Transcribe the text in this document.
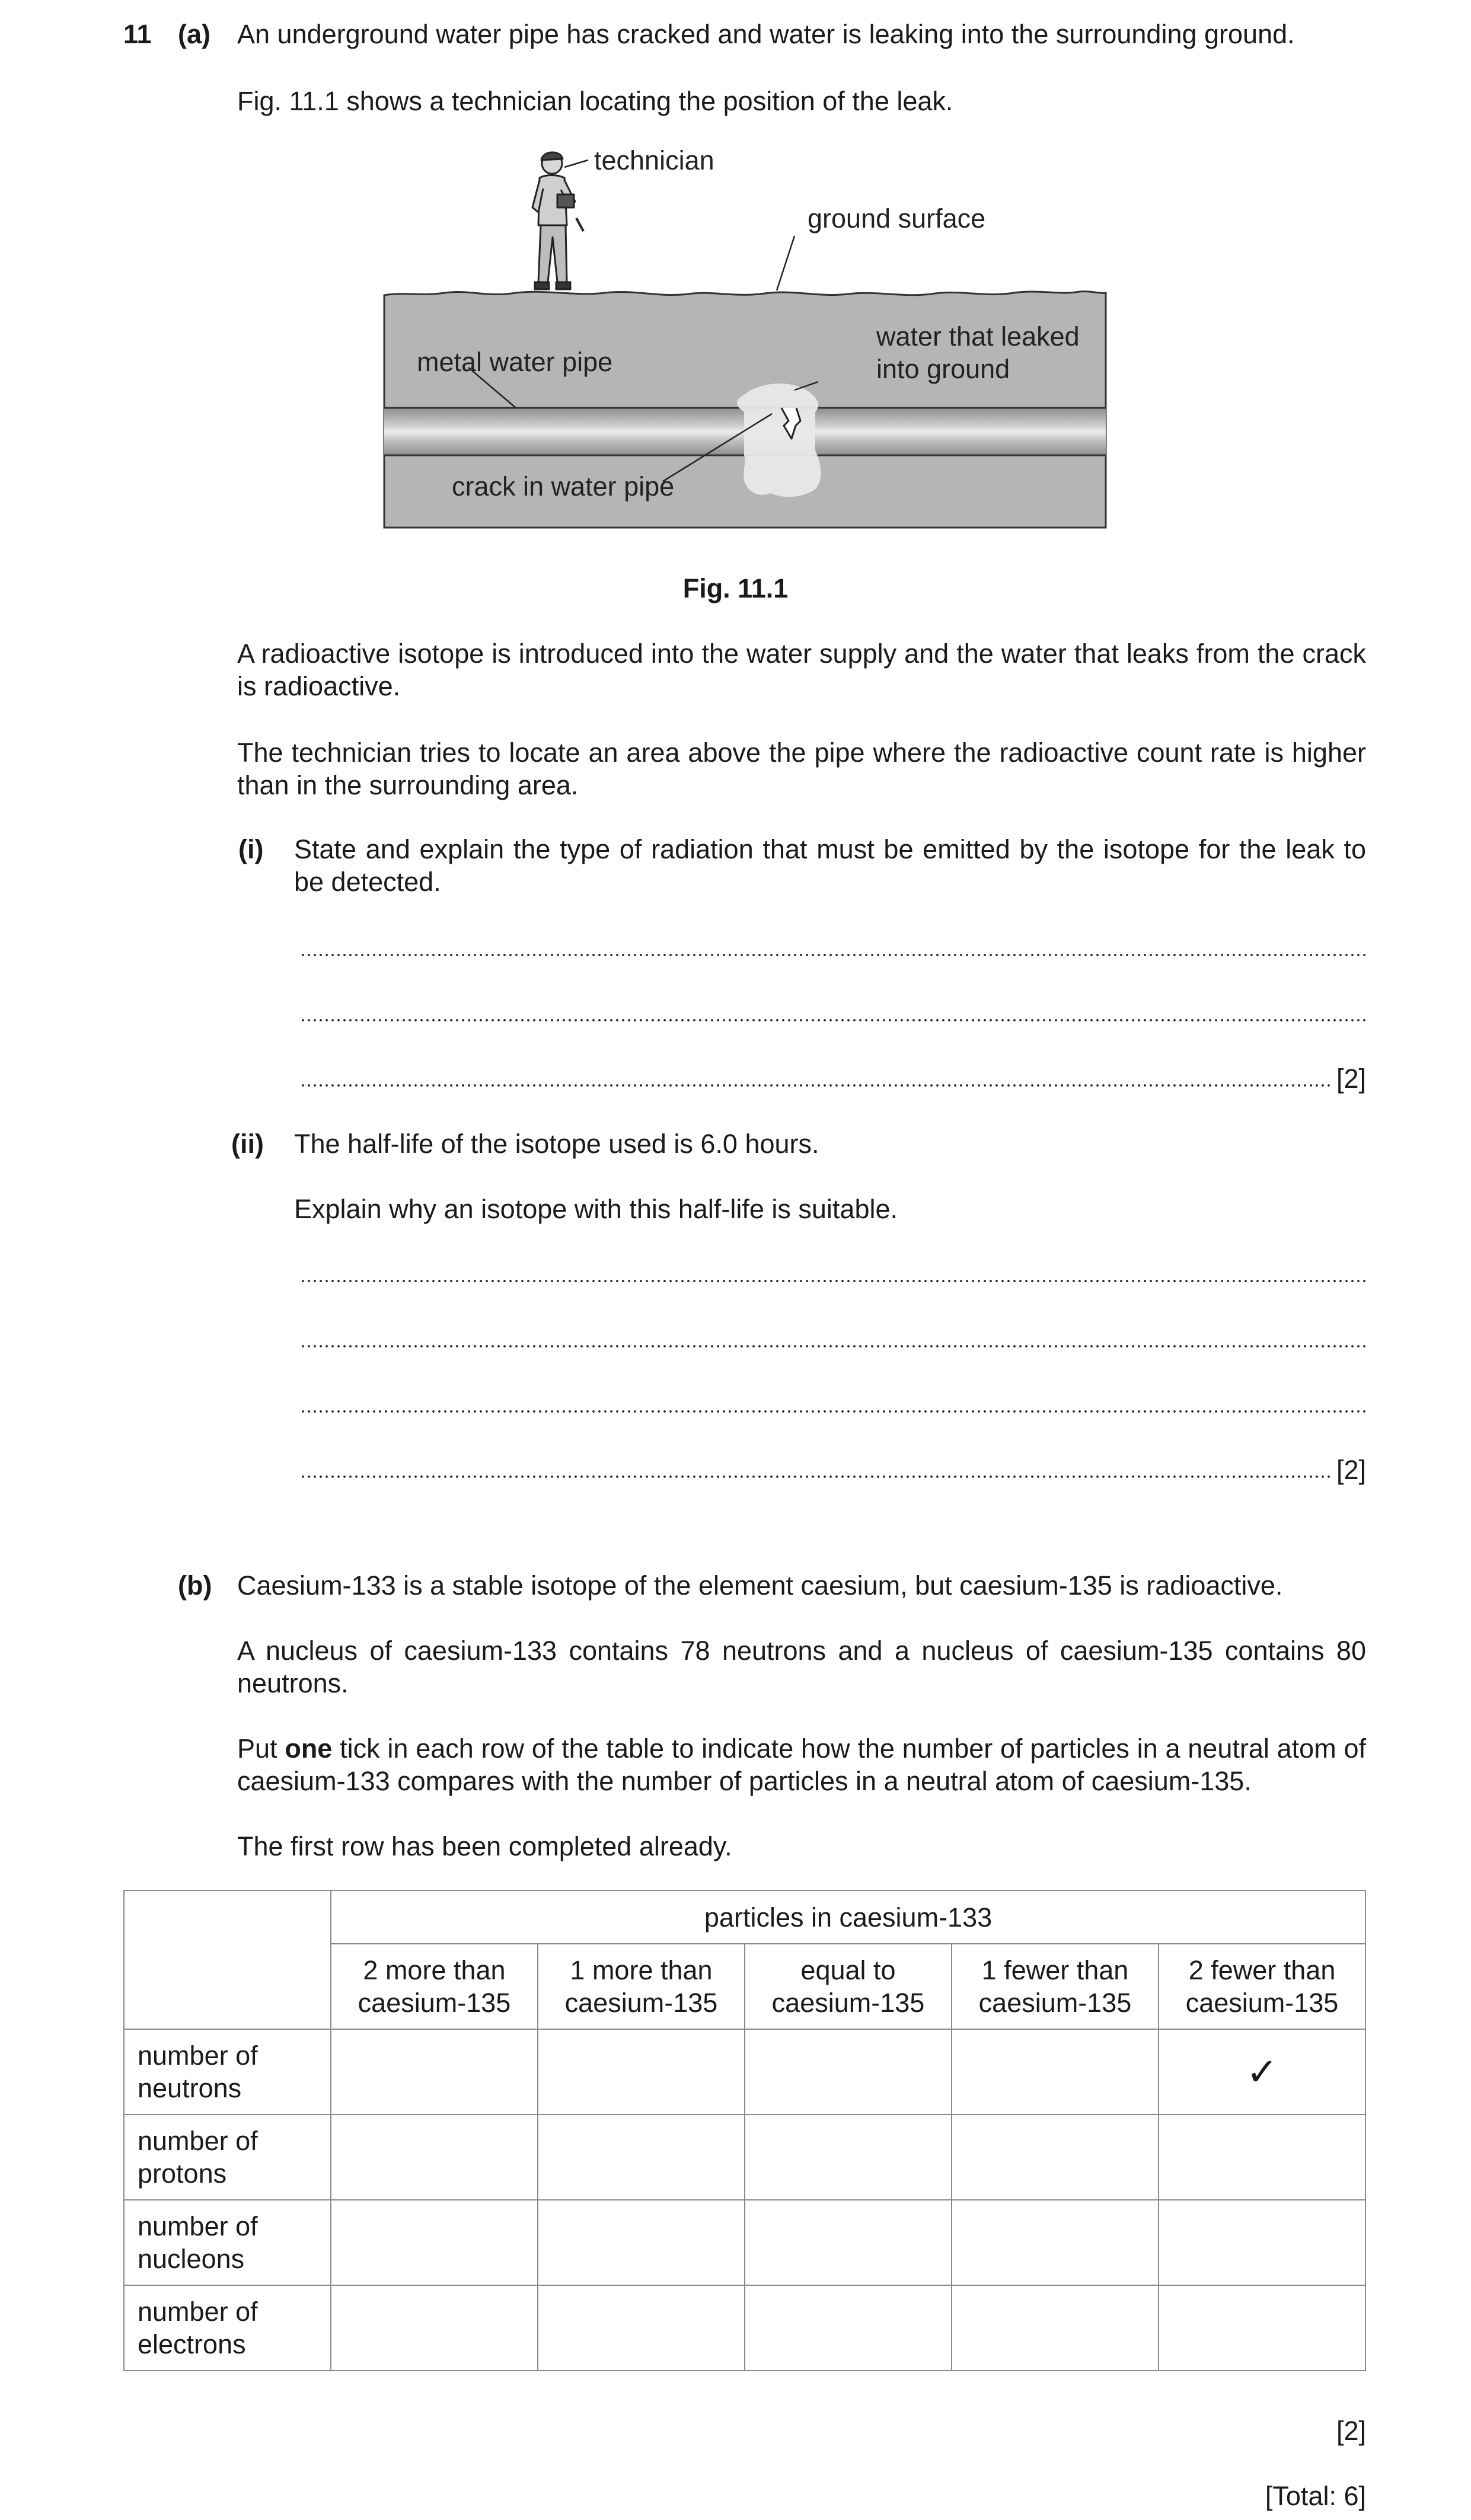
11 (a) An underground water pipe has cracked and water is leaking into the surrounding ground.
Fig. 11.1 shows a technician locating the position of the leak.
technician
ground surface
metal water pipe
water that leaked
into ground
crack in water pipe
Fig. 11.1
A radioactive isotope is introduced into the water supply and the water that leaks from the crack is radioactive.
The technician tries to locate an area above the pipe where the radioactive count rate is higher than in the surrounding area.
(i) State and explain the type of radiation that must be emitted by the isotope for the leak to be detected.
[2]
(ii) The half-life of the isotope used is 6.0 hours.
Explain why an isotope with this half-life is suitable.
[2]
(b) Caesium-133 is a stable isotope of the element caesium, but caesium-135 is radioactive.
A nucleus of caesium-133 contains 78 neutrons and a nucleus of caesium-135 contains 80 neutrons.
Put one tick in each row of the table to indicate how the number of particles in a neutral atom of caesium-133 compares with the number of particles in a neutral atom of caesium-135.
The first row has been completed already.
	particles in caesium-133				
	2 more than caesium-135	1 more than caesium-135	equal to caesium-135	1 fewer than caesium-135	2 fewer than caesium-135
number of neutrons					✓
number of protons					
number of nucleons					
number of electrons					
[2]
[Total: 6]
